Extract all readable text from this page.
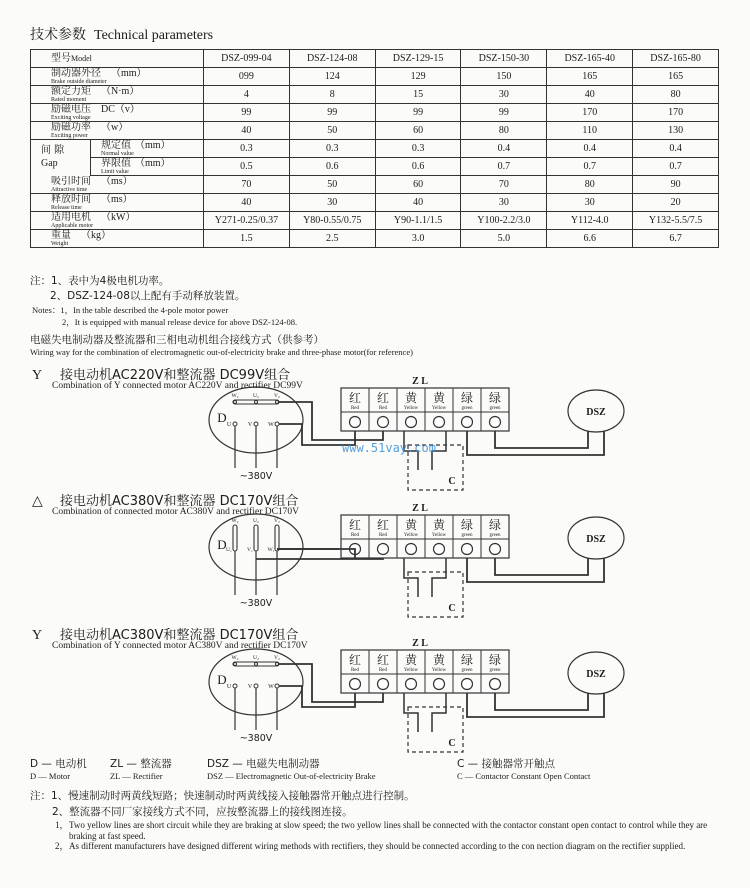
技术参数 Technical parameters
型号Model	DSZ-099-04	DSZ-124-08	DSZ-129-15	DSZ-150-30	DSZ-165-40	DSZ-165-80

制动器外径 （mm）
Brake outside diameter	099	124	129	150	165	165

额定力矩 （N·m）
Rated moment	4	8	15	30	40	80

励磁电压 DC（v）
Exciting voltage	99	99	99	99	170	170

励磁功率 （w）
Exciting power	40	50	60	80	110	130

间 隙
Gap
规定值 （mm）
Normal value	0.3	0.3	0.3	0.4	0.4	0.4

界限值 （mm）
Limit value	0.5	0.6	0.6	0.7	0.7	0.7

吸引时间 （ms）
Attractive time	70	50	60	70	80	90

释放时间 （ms）
Release time	40	30	40	30	30	20

适用电机 （kW）
Applicable motor	Y271-0.25/0.37	Y80-0.55/0.75	Y90-1.1/1.5	Y100-2.2/3.0	Y112-4.0	Y132-5.5/7.5

重量 （kg）
Weight	1.5	2.5	3.0	5.0	6.6	6.7
注：1、表中为4极电机功率。
2、DSZ-124-08以上配有手动释放装置。
Notes：1，In the table described the 4-pole motor power
2，It is equipped with manual release device for above DSZ-124-08.
电磁失电制动器及整流器和三相电动机组合接线方式（供参考）
Wiring way for the combination of electromagnetic out-of-electricity brake and three-phase motor(for reference)
Y 接电动机AC220V和整流器 DC99V组合
Combination of Y connected motor AC220V and rectifier DC99V
△ 接电动机AC380V和整流器 DC170V组合
Combination of connected motor AC380V and rectifier DC170V
Y 接电动机AC380V和整流器 DC170V组合
Combination of Y connected motor AC380V and rectifier DC170V
Z L
红
Red
红
Red
黄
Yellow
黄
Yellow
绿
green
绿
green	DSZ
C
D
W₂
U
U₂
V
V₂
W
~380V
Z L
红
Red
红
Red
黄
Yellow
黄
Yellow
绿
green
绿
green	DSZ
C
D
W₂
U₁
U₂
V₁
V₂
W₁
~380V
Z L
红
Red
红
Red
黄
Yellow
黄
Yellow
绿
green
绿
green	DSZ
C
D
W₂
U
U₂
V
V₂
W
~380V
www.51vay.com
D — 电动机 ZL — 整流器	DSZ — 电磁失电制动器	C — 接触器常开触点
D — Motor	ZL — Rectifier	DSZ — Electromagnetic Out-of-electricity Brake	C — Contactor Constant Open Contact
注：1、慢速制动时两黄线短路；快速制动时两黄线接入接触器常开触点进行控制。
2、整流器不同厂家接线方式不同，应按整流器上的接线图连接。
1， Two yellow lines are short circuit while they are braking at slow speed; the two yellow lines shall be connected with the contactor constant open contact to control while they are braking at fast speed.
2， As different manufacturers have designed different wiring methods with rectifiers, they should be connected according to the con nection diagram on the rectifier supplied.
